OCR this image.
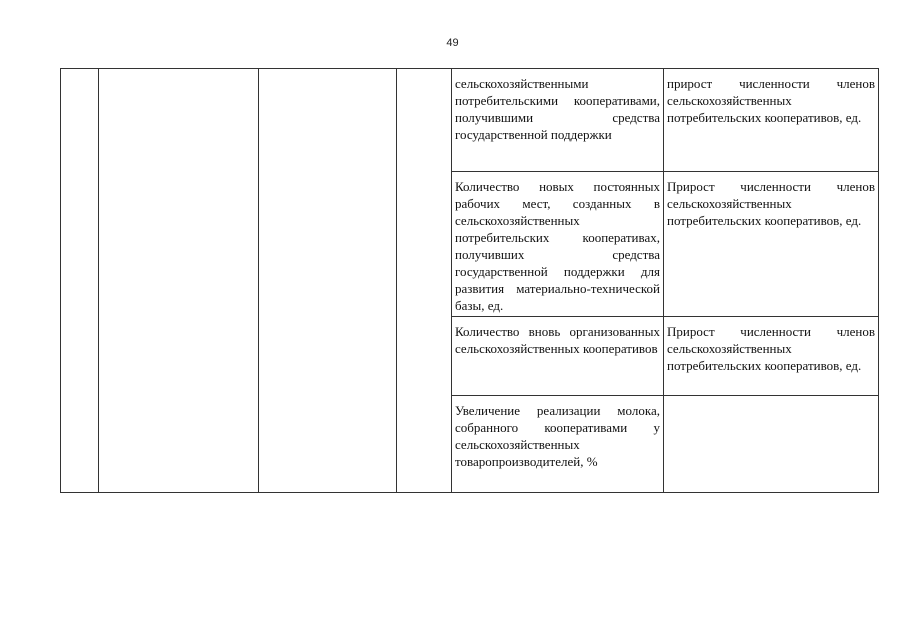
49
				сельскохозяйственными потребительскими кооперативами, получившими средства государственной поддержки	прирост численности членов сельскохозяйственных потребительских кооперативов, ед.
				Количество новых постоянных рабочих мест, созданных в сельскохозяйственных потребительских кооперативах, получивших средства государственной поддержки для развития материально-технической базы, ед.	Прирост численности членов сельскохозяйственных потребительских кооперативов, ед.
				Количество вновь организованных сельскохозяйственных кооперативов	Прирост численности членов сельскохозяйственных потребительских кооперативов, ед.
				Увеличение реализации молока, собранного кооперативами у сельскохозяйственных товаропроизводителей, %	
